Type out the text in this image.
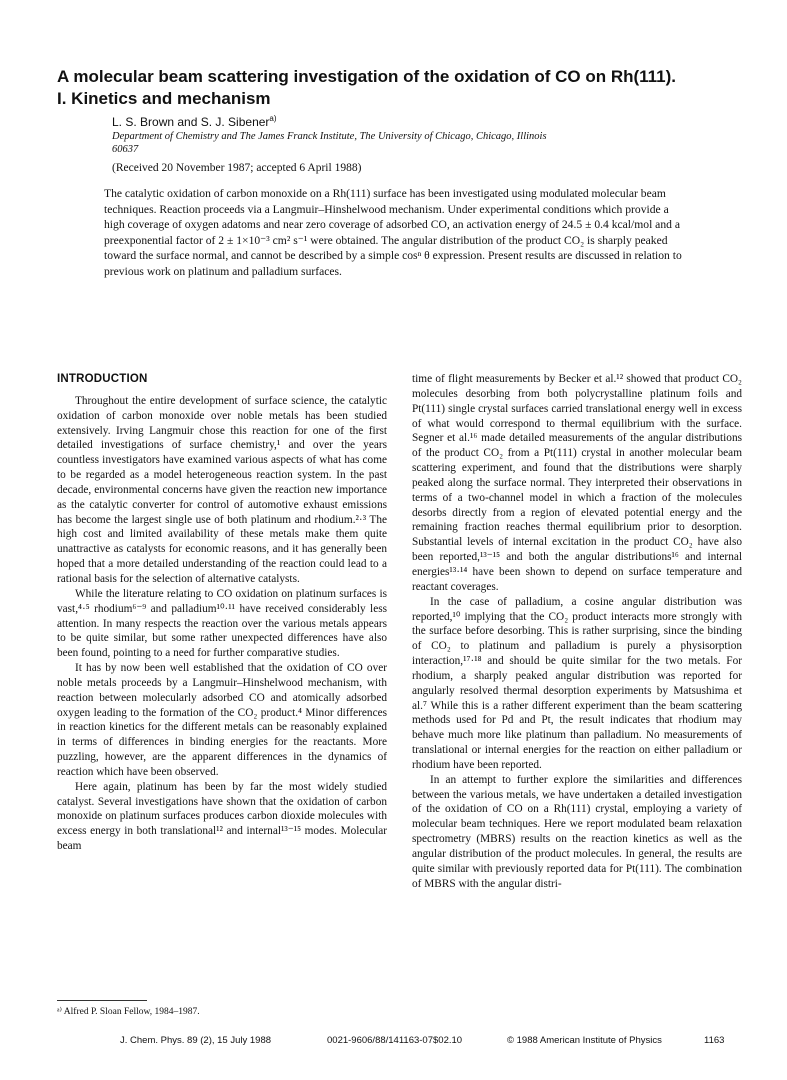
A molecular beam scattering investigation of the oxidation of CO on Rh(111).
I. Kinetics and mechanism
L. S. Brown and S. J. Sibener$^{a)}$
Department of Chemistry and The James Franck Institute, The University of Chicago, Chicago, Illinois
60637
(Received 20 November 1987; accepted 6 April 1988)

The catalytic oxidation of carbon monoxide on a Rh(111) surface has been investigated using modulated molecular beam techniques. Reaction proceeds via a Langmuir–Hinshelwood mechanism. Under experimental conditions which provide a high coverage of oxygen adatoms and near zero coverage of adsorbed CO, an activation energy of 24.5 ± 0.4 kcal/mol and a preexponential factor of 2 ± 1×10⁻³ cm² s⁻¹ were obtained. The angular distribution of the product CO₂ is sharply peaked toward the surface normal, and cannot be described by a simple cosⁿ θ expression. Present results are discussed in relation to previous work on platinum and palladium surfaces.

INTRODUCTION

Throughout the entire development of surface science, the catalytic oxidation of carbon monoxide over noble metals has been studied extensively. Irving Langmuir chose this reaction for one of the first detailed investigations of surface chemistry,¹ and over the years countless investigators have examined various aspects of what has come to be regarded as a model heterogeneous reaction system. In the past decade, environmental concerns have given the reaction new importance as the catalytic converter for control of automotive exhaust emissions has become the largest single use of both platinum and rhodium.²·³ The high cost and limited availability of these metals make them quite unattractive as catalysts for economic reasons, and it has generally been hoped that a more detailed understanding of the reaction could lead to a rational basis for the selection of alternative catalysts.

While the literature relating to CO oxidation on platinum surfaces is vast,⁴·⁵ rhodium⁶⁻⁹ and palladium¹⁰·¹¹ have received considerably less attention. In many respects the reaction over the various metals appears to be quite similar, but some rather unexpected differences have also been found, pointing to a need for further comparative studies.

It has by now been well established that the oxidation of CO over noble metals proceeds by a Langmuir–Hinshelwood mechanism, with reaction between molecularly adsorbed CO and atomically adsorbed oxygen leading to the formation of the CO₂ product.⁴ Minor differences in reaction kinetics for the different metals can be reasonably explained in terms of differences in binding energies for the reactants. More puzzling, however, are the apparent differences in the dynamics of reaction which have been observed.

Here again, platinum has been by far the most widely studied catalyst. Several investigations have shown that the oxidation of carbon monoxide on platinum surfaces produces carbon dioxide molecules with excess energy in both translational¹² and internal¹³⁻¹⁵ modes. Molecular beam

time of flight measurements by Becker et al.¹² showed that product CO₂ molecules desorbing from both polycrystalline platinum foils and Pt(111) single crystal surfaces carried translational energy well in excess of what would correspond to thermal equilibrium with the surface. Segner et al.¹⁶ made detailed measurements of the angular distributions of the product CO₂ from a Pt(111) crystal in another molecular beam scattering experiment, and found that the distributions were sharply peaked along the surface normal. They interpreted their observations in terms of a two-channel model in which a fraction of the molecules desorbs directly from a region of elevated potential energy and the remaining fraction reaches thermal equilibrium prior to desorption. Substantial levels of internal excitation in the product CO₂ have also been reported,¹³⁻¹⁵ and both the angular distributions¹⁶ and internal energies¹³·¹⁴ have been shown to depend on surface temperature and reactant coverages.

In the case of palladium, a cosine angular distribution was reported,¹⁰ implying that the CO₂ product interacts more strongly with the surface before desorbing. This is rather surprising, since the binding of CO₂ to platinum and palladium is purely a physisorption interaction,¹⁷·¹⁸ and should be quite similar for the two metals. For rhodium, a sharply peaked angular distribution was reported for angularly resolved thermal desorption experiments by Matsushima et al.⁷ While this is a rather different experiment than the beam scattering methods used for Pd and Pt, the result indicates that rhodium may behave much more like platinum than palladium. No measurements of translational or internal energies for the reaction on either palladium or rhodium have been reported.

In an attempt to further explore the similarities and differences between the various metals, we have undertaken a detailed investigation of the oxidation of CO on a Rh(111) crystal, employing a variety of molecular beam techniques. Here we report modulated beam relaxation spectrometry (MBRS) results on the reaction kinetics as well as the angular distribution of the product molecules. In general, the results are quite similar with previously reported data for Pt(111). The combination of MBRS with the angular distri-

ᵃ⁾ Alfred P. Sloan Fellow, 1984–1987.
J. Chem. Phys. 89 (2), 15 July 1988	0021-9606/88/141163-07$02.10	© 1988 American Institute of Physics	1163
